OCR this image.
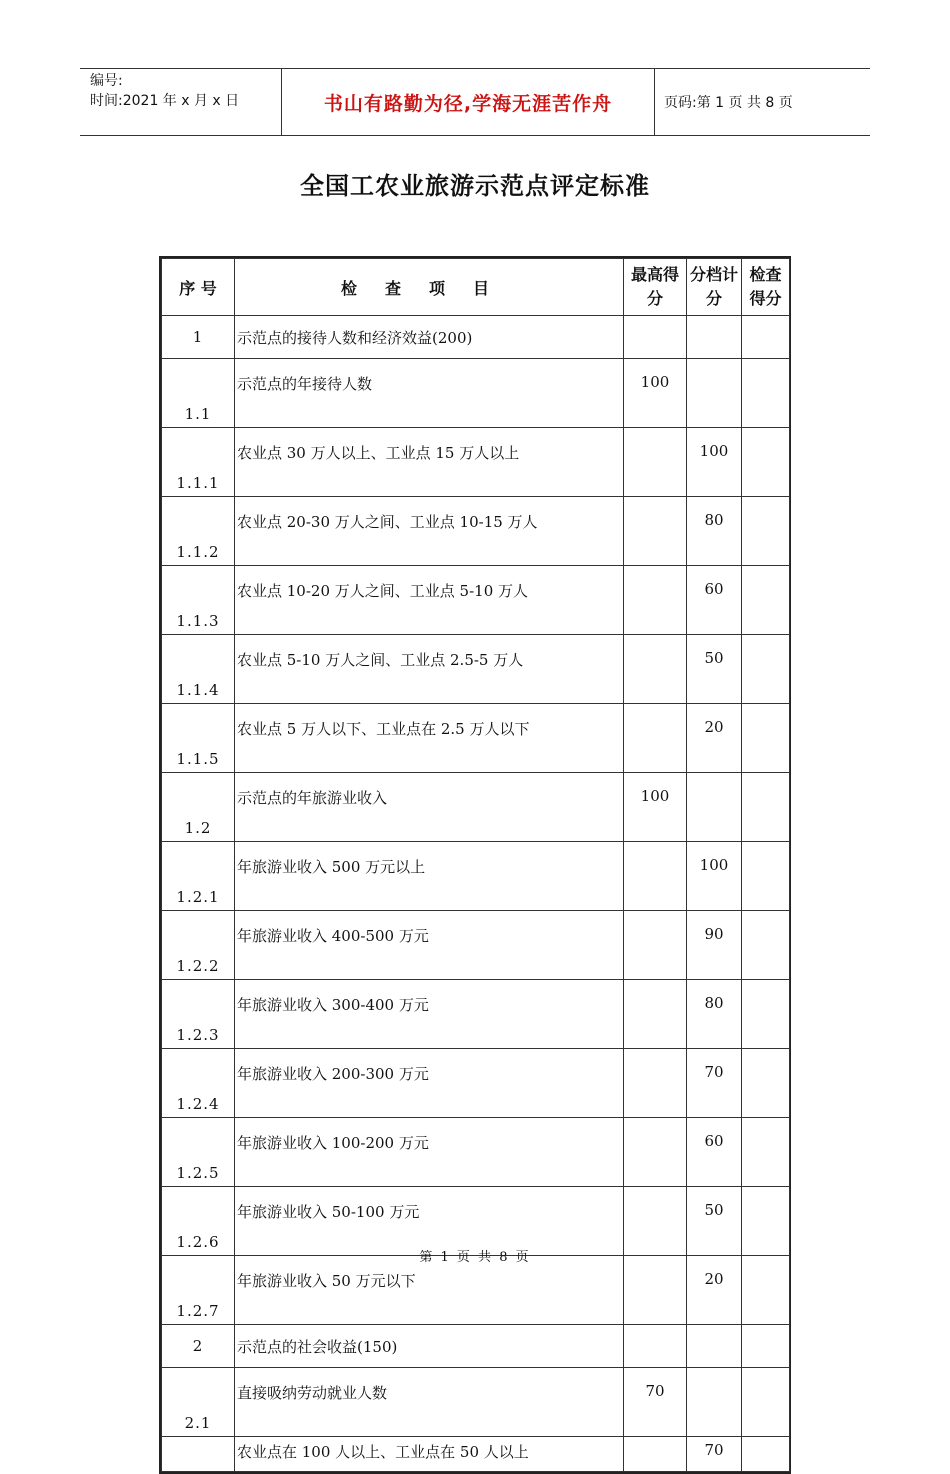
编号:
时间:2021 年 x 月 x 日	书山有路勤为径,学海无涯苦作舟	页码:第 1 页 共 8 页
全国工农业旅游示范点评定标准
序 号	检查项目	最高得分	分档计分	检查得分
1	示范点的接待人数和经济效益(200)			
1.1	示范点的年接待人数	100		
1.1.1	农业点 30 万人以上、工业点 15 万人以上		100	
1.1.2	农业点 20-30 万人之间、工业点 10-15 万人		80	
1.1.3	农业点 10-20 万人之间、工业点 5-10 万人		60	
1.1.4	农业点 5-10 万人之间、工业点 2.5-5 万人		50	
1.1.5	农业点 5 万人以下、工业点在 2.5 万人以下		20	
1.2	示范点的年旅游业收入	100		
1.2.1	年旅游业收入 500 万元以上		100	
1.2.2	年旅游业收入 400-500 万元		90	
1.2.3	年旅游业收入 300-400 万元		80	
1.2.4	年旅游业收入 200-300 万元		70	
1.2.5	年旅游业收入 100-200 万元		60	
1.2.6	年旅游业收入 50-100 万元		50	
1.2.7	年旅游业收入 50 万元以下		20	
2	示范点的社会收益(150)			
2.1	直接吸纳劳动就业人数	70		
	农业点在 100 人以上、工业点在 50 人以上		70	
第 1 页 共 8 页
